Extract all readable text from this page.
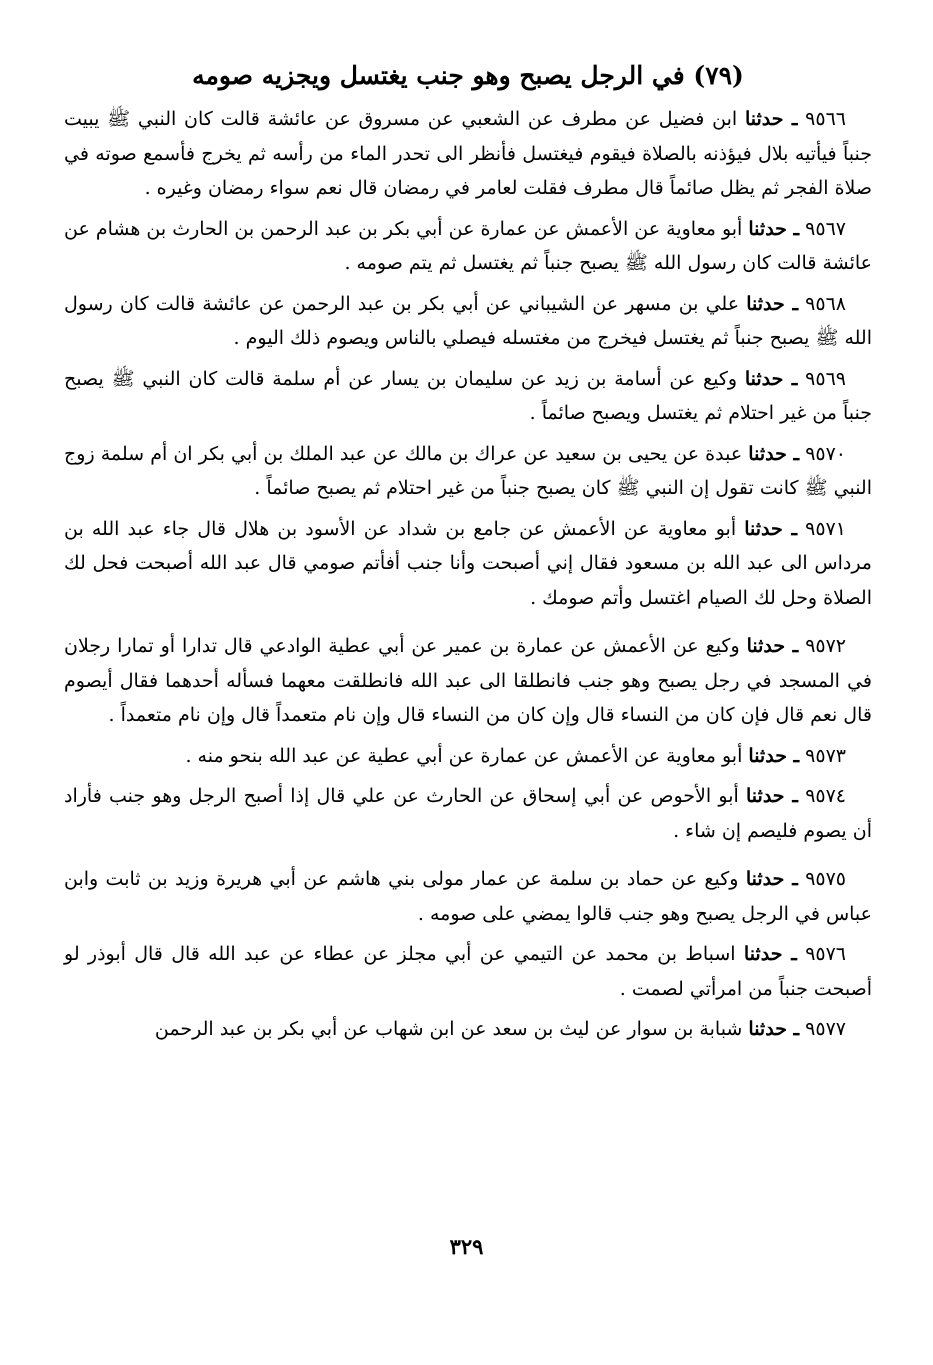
(٧٩) في الرجل يصبح وهو جنب يغتسل ويجزيه صومه

٩٥٦٦ ـ حدثنا ابن فضيل عن مطرف عن الشعبي عن مسروق عن عائشة قالت كان النبي ﷺ يبيت جنباً فيأتيه بلال فيؤذنه بالصلاة فيقوم فيغتسل فأنظر الى تحدر الماء من رأسه ثم يخرج فأسمع صوته في صلاة الفجر ثم يظل صائماً قال مطرف فقلت لعامر في رمضان قال نعم سواء رمضان وغيره .

٩٥٦٧ ـ حدثنا أبو معاوية عن الأعمش عن عمارة عن أبي بكر بن عبد الرحمن بن الحارث بن هشام عن عائشة قالت كان رسول الله ﷺ يصبح جنباً ثم يغتسل ثم يتم صومه .

٩٥٦٨ ـ حدثنا علي بن مسهر عن الشيباني عن أبي بكر بن عبد الرحمن عن عائشة قالت كان رسول الله ﷺ يصبح جنباً ثم يغتسل فيخرج من مغتسله فيصلي بالناس ويصوم ذلك اليوم .

٩٥٦٩ ـ حدثنا وكيع عن أسامة بن زيد عن سليمان بن يسار عن أم سلمة قالت كان النبي ﷺ يصبح جنباً من غير احتلام ثم يغتسل ويصبح صائماً .

٩٥٧٠ ـ حدثنا عبدة عن يحيى بن سعيد عن عراك بن مالك عن عبد الملك بن أبي بكر ان أم سلمة زوج النبي ﷺ كانت تقول إن النبي ﷺ كان يصبح جنباً من غير احتلام ثم يصبح صائماً .

٩٥٧١ ـ حدثنا أبو معاوية عن الأعمش عن جامع بن شداد عن الأسود بن هلال قال جاء عبد الله بن مرداس الى عبد الله بن مسعود فقال إني أصبحت وأنا جنب أفأتم صومي قال عبد الله أصبحت فحل لك الصلاة وحل لك الصيام اغتسل وأتم صومك .

٩٥٧٢ ـ حدثنا وكيع عن الأعمش عن عمارة بن عمير عن أبي عطية الوادعي قال تدارا أو تمارا رجلان في المسجد في رجل يصبح وهو جنب فانطلقا الى عبد الله فانطلقت معهما فسأله أحدهما فقال أيصوم قال نعم قال فإن كان من النساء قال وإن كان من النساء قال وإن نام متعمداً قال وإن نام متعمداً .

٩٥٧٣ ـ حدثنا أبو معاوية عن الأعمش عن عمارة عن أبي عطية عن عبد الله بنحو منه .

٩٥٧٤ ـ حدثنا أبو الأحوص عن أبي إسحاق عن الحارث عن علي قال إذا أصبح الرجل وهو جنب فأراد أن يصوم فليصم إن شاء .

٩٥٧٥ ـ حدثنا وكيع عن حماد بن سلمة عن عمار مولى بني هاشم عن أبي هريرة وزيد بن ثابت وابن عباس في الرجل يصبح وهو جنب قالوا يمضي على صومه .

٩٥٧٦ ـ حدثنا اسباط بن محمد عن التيمي عن أبي مجلز عن عطاء عن عبد الله قال قال أبوذر لو أصبحت جنباً من امرأتي لصمت .

٩٥٧٧ ـ حدثنا شبابة بن سوار عن ليث بن سعد عن ابن شهاب عن أبي بكر بن عبد الرحمن

٣٢٩
